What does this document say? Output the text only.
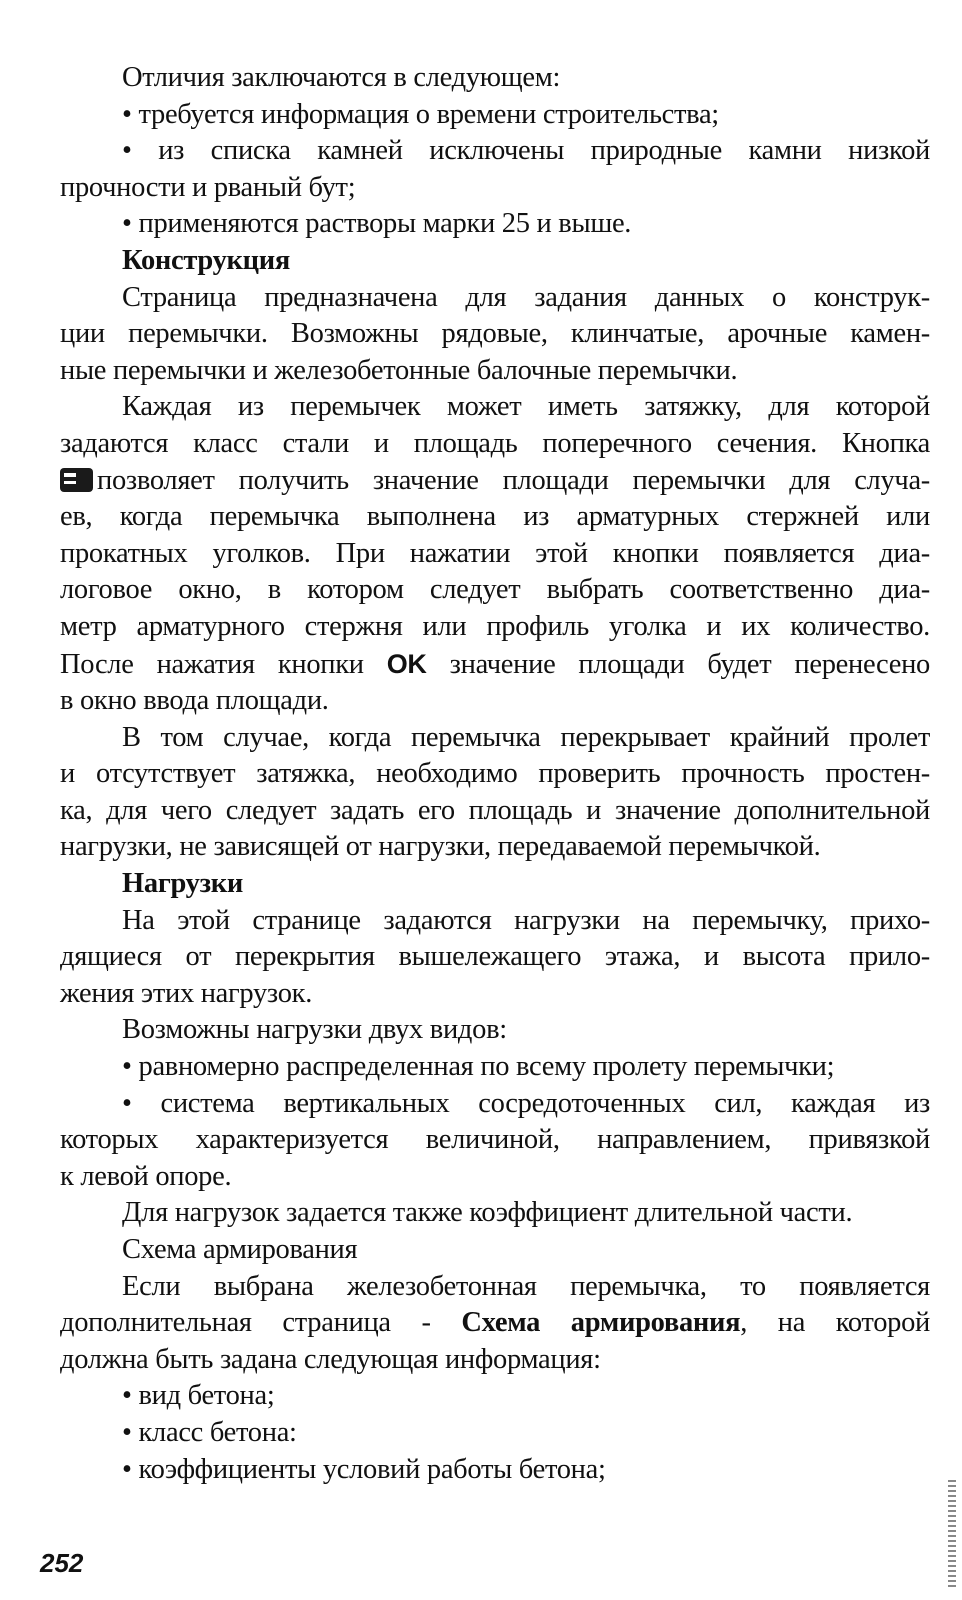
Отличия заключаются в следующем:
• требуется информация о времени строительства;
• из списка камней исключены природные камни низкой
прочности и рваный бут;
• применяются растворы марки 25 и выше.
Конструкция
Страница предназначена для задания данных о конструк-
ции перемычки. Возможны рядовые, клинчатые, арочные камен-
ные перемычки и железобетонные балочные перемычки.
Каждая из перемычек может иметь затяжку, для которой
задаются класс стали и площадь поперечного сечения. Кнопка
позволяет получить значение площади перемычки для случа-
ев, когда перемычка выполнена из арматурных стержней или
прокатных уголков. При нажатии этой кнопки появляется диа-
логовое окно, в котором следует выбрать соответственно диа-
метр арматурного стержня или профиль уголка и их количество.
После нажатия кнопки OK значение площади будет перенесено
в окно ввода площади.
В том случае, когда перемычка перекрывает крайний пролет
и отсутствует затяжка, необходимо проверить прочность простен-
ка, для чего следует задать его площадь и значение дополнительной
нагрузки, не зависящей от нагрузки, передаваемой перемычкой.
Нагрузки
На этой странице задаются нагрузки на перемычку, прихо-
дящиеся от перекрытия вышележащего этажа, и высота прило-
жения этих нагрузок.
Возможны нагрузки двух видов:
• равномерно распределенная по всему пролету перемычки;
• система вертикальных сосредоточенных сил, каждая из
которых характеризуется величиной, направлением, привязкой
к левой опоре.
Для нагрузок задается также коэффициент длительной части.
Схема армирования
Если выбрана железобетонная перемычка, то появляется
дополнительная страница - Схема армирования, на которой
должна быть задана следующая информация:
• вид бетона;
• класс бетона:
• коэффициенты условий работы бетона;
252
